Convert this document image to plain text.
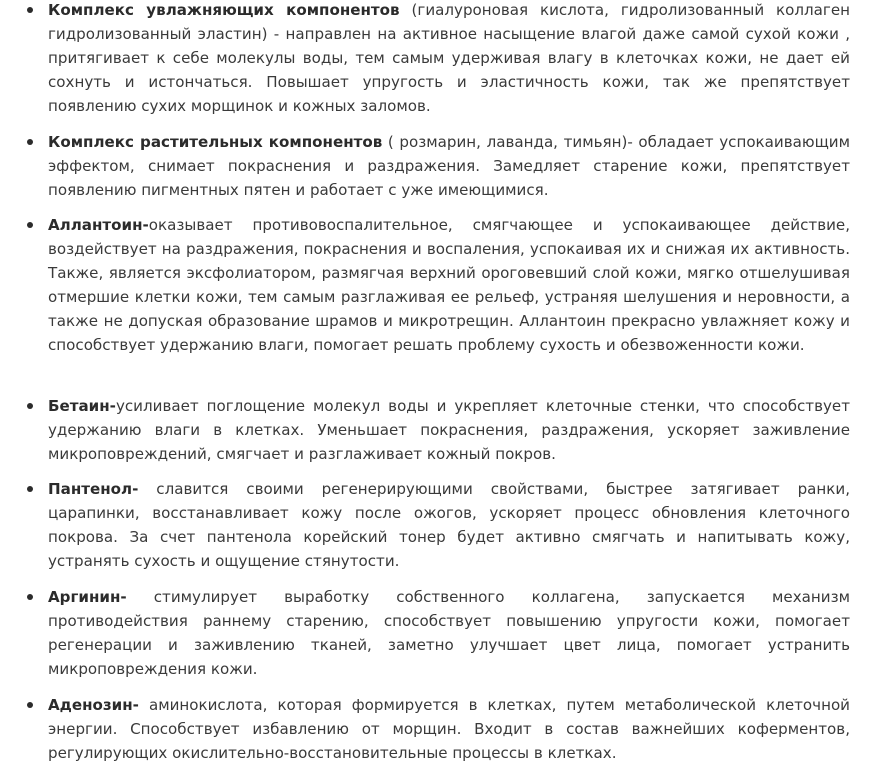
Комплекс увлажняющих компонентов (гиалуроновая кислота, гидролизованный коллаген гидролизованный эластин) - направлен на активное насыщение влагой даже самой сухой кожи , притягивает к себе молекулы воды, тем самым удерживая влагу в клеточках кожи, не дает ей сохнуть и истончаться. Повышает упругость и эластичность кожи, так же препятствует появлению сухих морщинок и кожных заломов.
Комплекс растительных компонентов ( розмарин, лаванда, тимьян)- обладает успокаивающим эффектом, снимает покраснения и раздражения. Замедляет старение кожи, препятствует появлению пигментных пятен и работает с уже имеющимися.
Аллантоин-оказывает противовоспалительное, смягчающее и успокаивающее действие, воздействует на раздражения, покраснения и воспаления, успокаивая их и снижая их активность. Также, является эксфолиатором, размягчая верхний ороговевший слой кожи, мягко отшелушивая отмершие клетки кожи, тем самым разглаживая ее рельеф, устраняя шелушения и неровности, а также не допуская образование шрамов и микротрещин. Аллантоин прекрасно увлажняет кожу и способствует удержанию влаги, помогает решать проблему сухость и обезвоженности кожи.
Бетаин-усиливает поглощение молекул воды и укрепляет клеточные стенки, что способствует удержанию влаги в клетках. Уменьшает покраснения, раздражения, ускоряет заживление микроповреждений, смягчает и разглаживает кожный покров.
Пантенол- славится своими регенерирующими свойствами, быстрее затягивает ранки, царапинки, восстанавливает кожу после ожогов, ускоряет процесс обновления клеточного покрова. За счет пантенола корейский тонер будет активно смягчать и напитывать кожу, устранять сухость и ощущение стянутости.
Аргинин- стимулирует выработку собственного коллагена, запускается механизм противодействия раннему старению, способствует повышению упругости кожи, помогает регенерации и заживлению тканей, заметно улучшает цвет лица, помогает устранить микроповреждения кожи.
Аденозин- аминокислота, которая формируется в клетках, путем метаболической клеточной энергии. Способствует избавлению от морщин. Входит в состав важнейших коферментов, регулирующих окислительно-восстановительные процессы в клетках.
